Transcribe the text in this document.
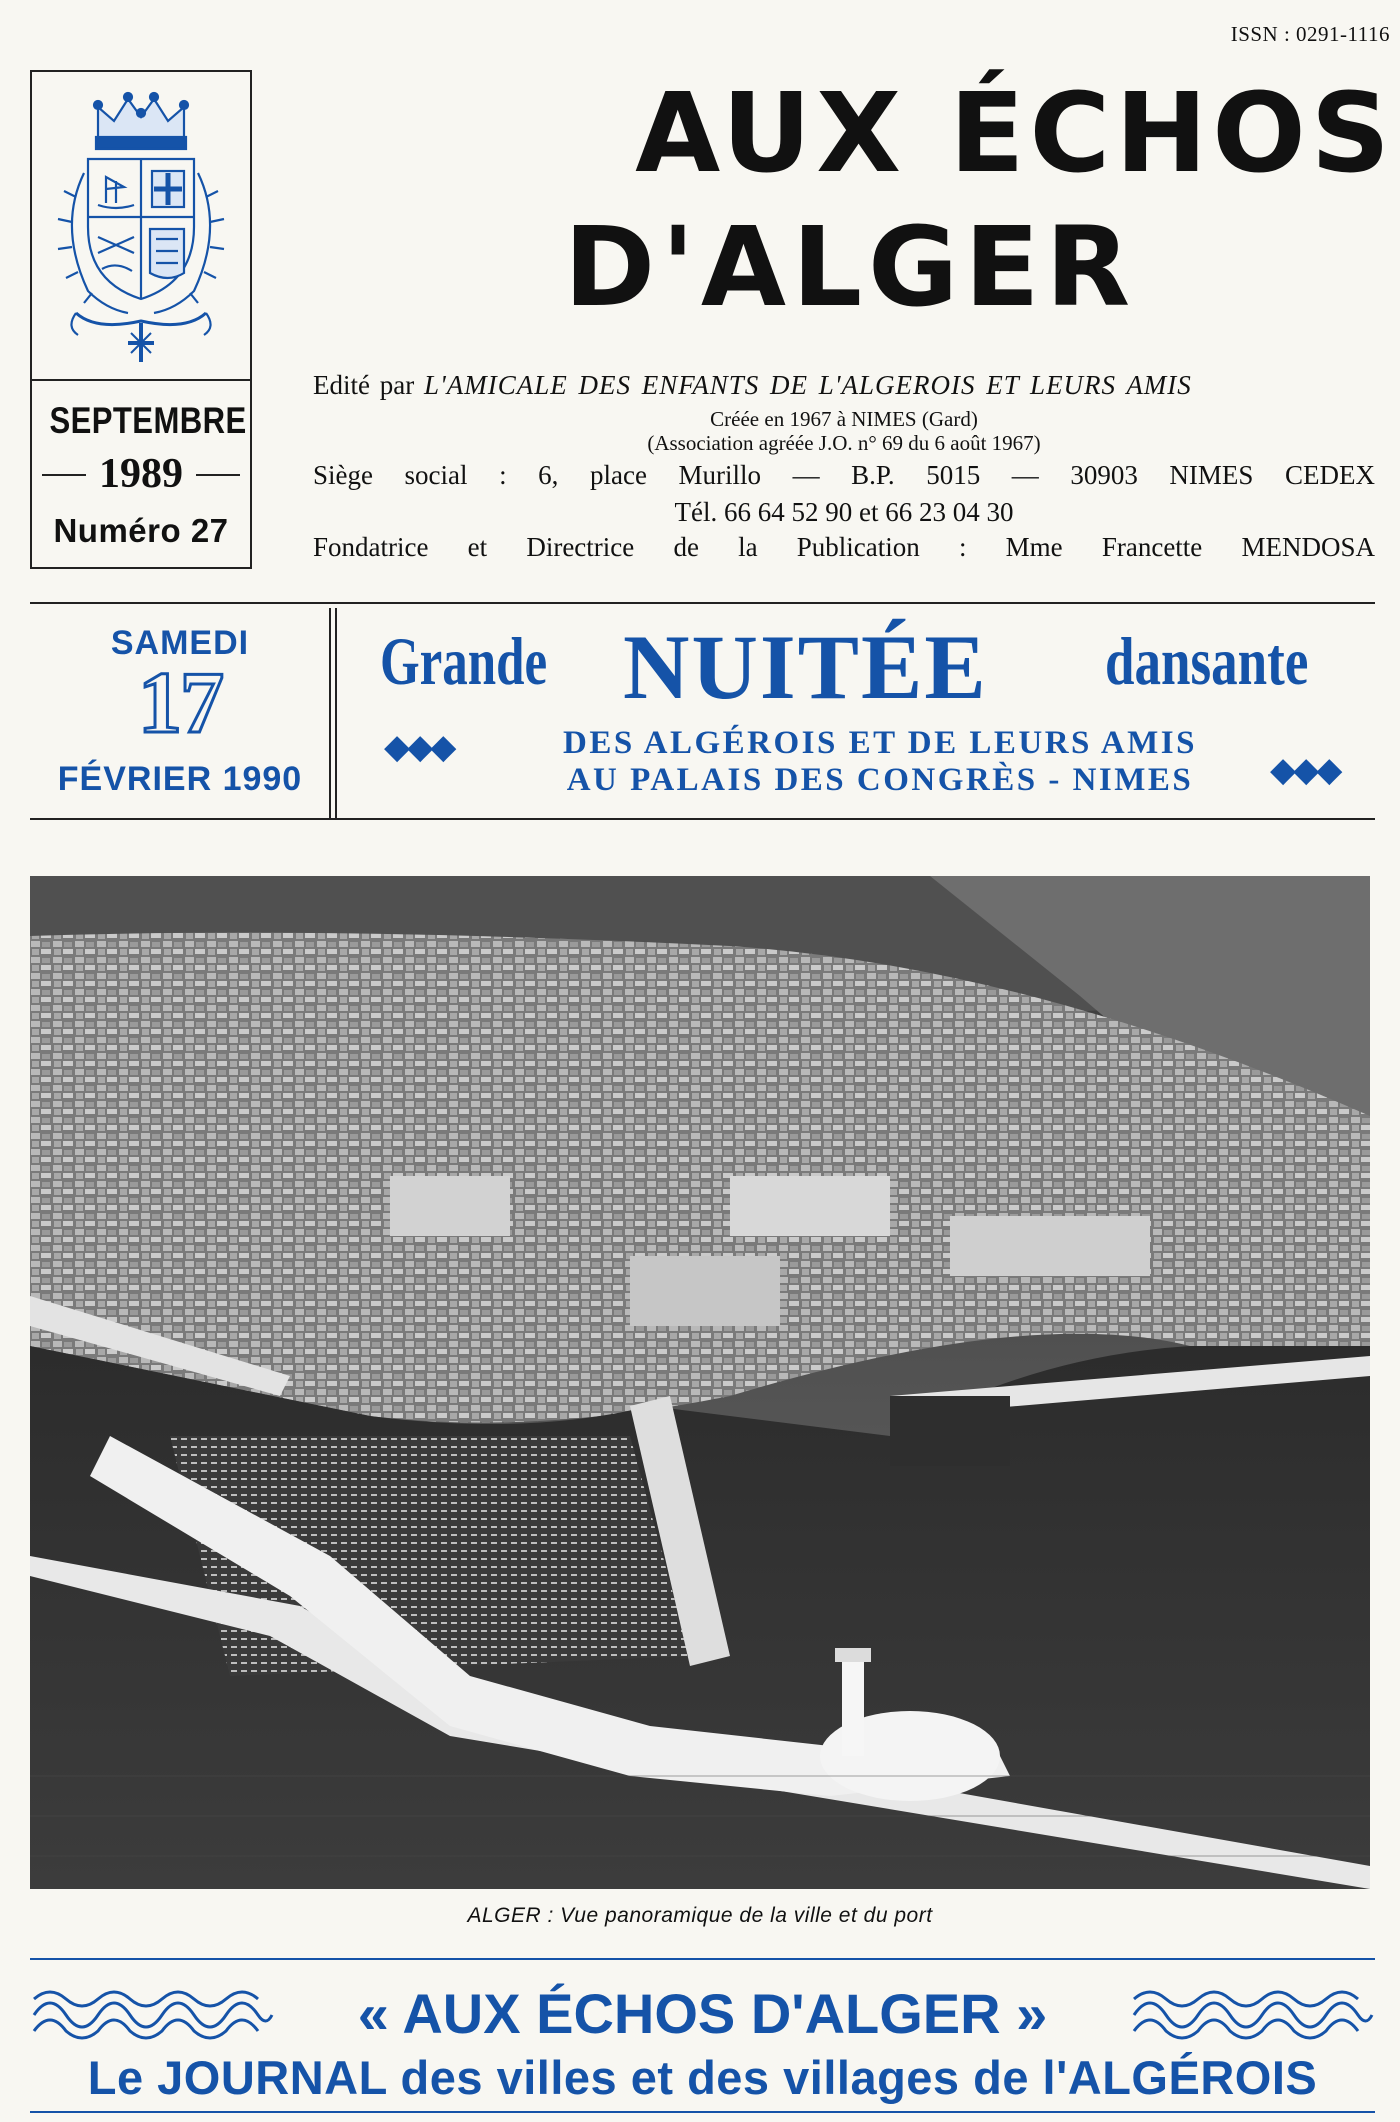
ISSN : 0291-1116
SEPTEMBRE
1989
Numéro 27
AUX ÉCHOS
D'ALGER
Edité par L'AMICALE DES ENFANTS DE L'ALGEROIS ET LEURS AMIS
Créée en 1967 à NIMES (Gard)
(Association agréée J.O. n° 69 du 6 août 1967)
Siège social : 6, place Murillo — B.P. 5015 — 30903 NIMES CEDEX
Tél. 66 64 52 90 et 66 23 04 30
Fondatrice et Directrice de la Publication : Mme Francette MENDOSA
SAMEDI
17
FÉVRIER 1990
Grande NUITÉE dansante
◆◆◆	DES ALGÉROIS ET DE LEURS AMIS
AU PALAIS DES CONGRÈS - NIMES	◆◆◆
ALGER : Vue panoramique de la ville et du port
« AUX ÉCHOS D'ALGER »
Le JOURNAL des villes et des villages de l'ALGÉROIS
